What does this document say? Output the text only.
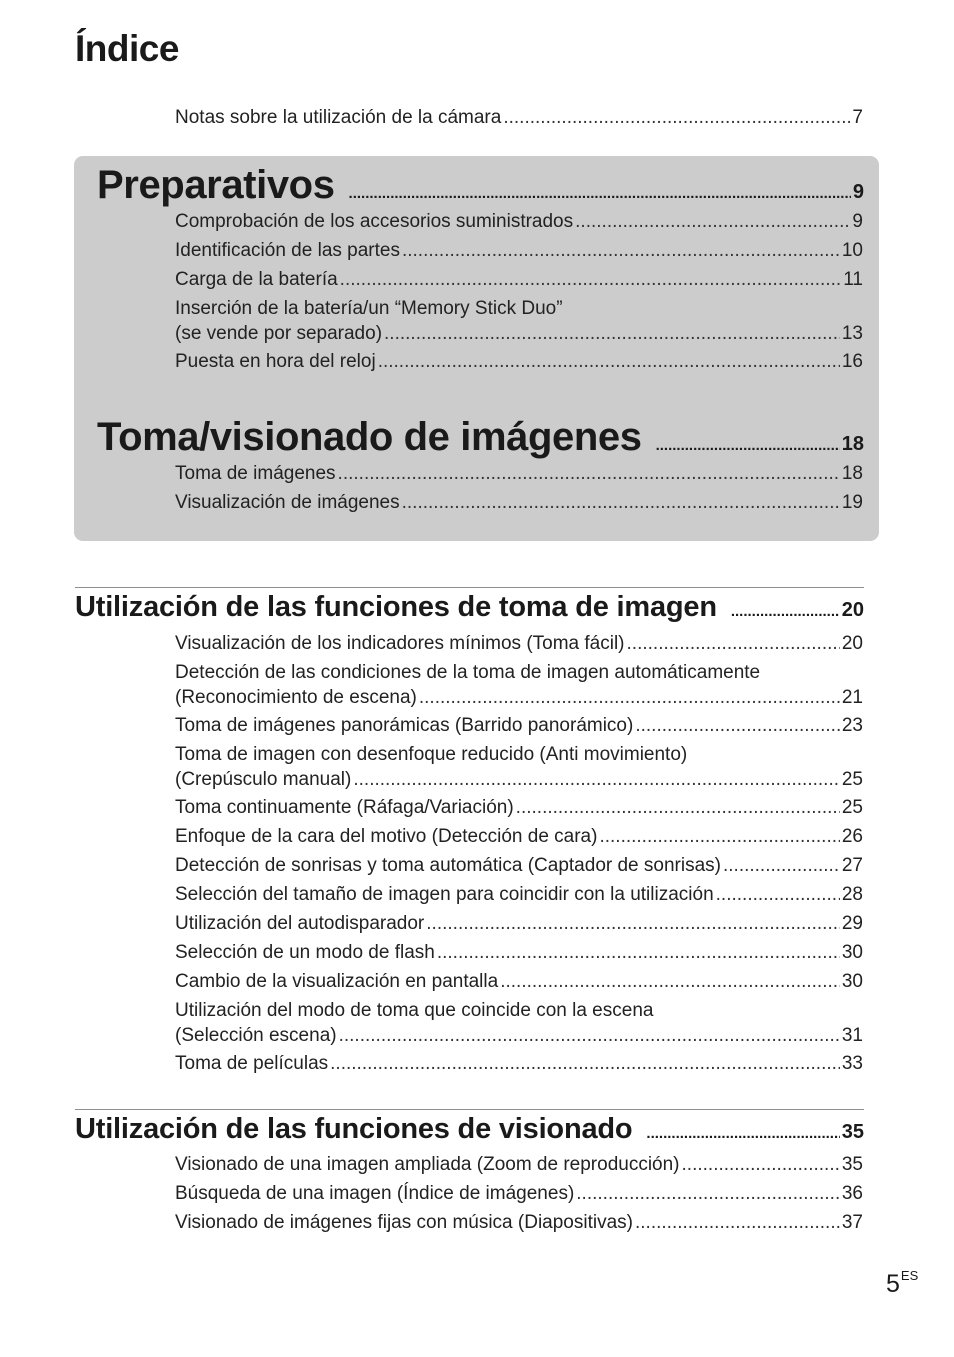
Índice
Notas sobre la utilización de la cámara .....	7
Preparativos .....	9
Comprobación de los accesorios suministrados .....	9
Identificación de las partes .....	10
Carga de la batería .....	11
Inserción de la batería/un “Memory Stick Duo”
(se vende por separado) .....	13
Puesta en hora del reloj .....	16
Toma/visionado de imágenes .....	18
Toma de imágenes .....	18
Visualización de imágenes .....	19
Utilización de las funciones de toma de imagen .....	20
Visualización de los indicadores mínimos (Toma fácil) .....	20
Detección de las condiciones de la toma de imagen automáticamente
(Reconocimiento de escena) .....	21
Toma de imágenes panorámicas (Barrido panorámico) .....	23
Toma de imagen con desenfoque reducido (Anti movimiento)
(Crepúsculo manual) .....	25
Toma continuamente (Ráfaga/Variación) .....	25
Enfoque de la cara del motivo (Detección de cara) .....	26
Detección de sonrisas y toma automática (Captador de sonrisas) .....	27
Selección del tamaño de imagen para coincidir con la utilización .....	28
Utilización del autodisparador .....	29
Selección de un modo de flash .....	30
Cambio de la visualización en pantalla .....	30
Utilización del modo de toma que coincide con la escena
(Selección escena) .....	31
Toma de películas .....	33
Utilización de las funciones de visionado .....	35
Visionado de una imagen ampliada (Zoom de reproducción) .....	35
Búsqueda de una imagen (Índice de imágenes) .....	36
Visionado de imágenes fijas con música (Diapositivas) .....	37
$5^{ES}$
